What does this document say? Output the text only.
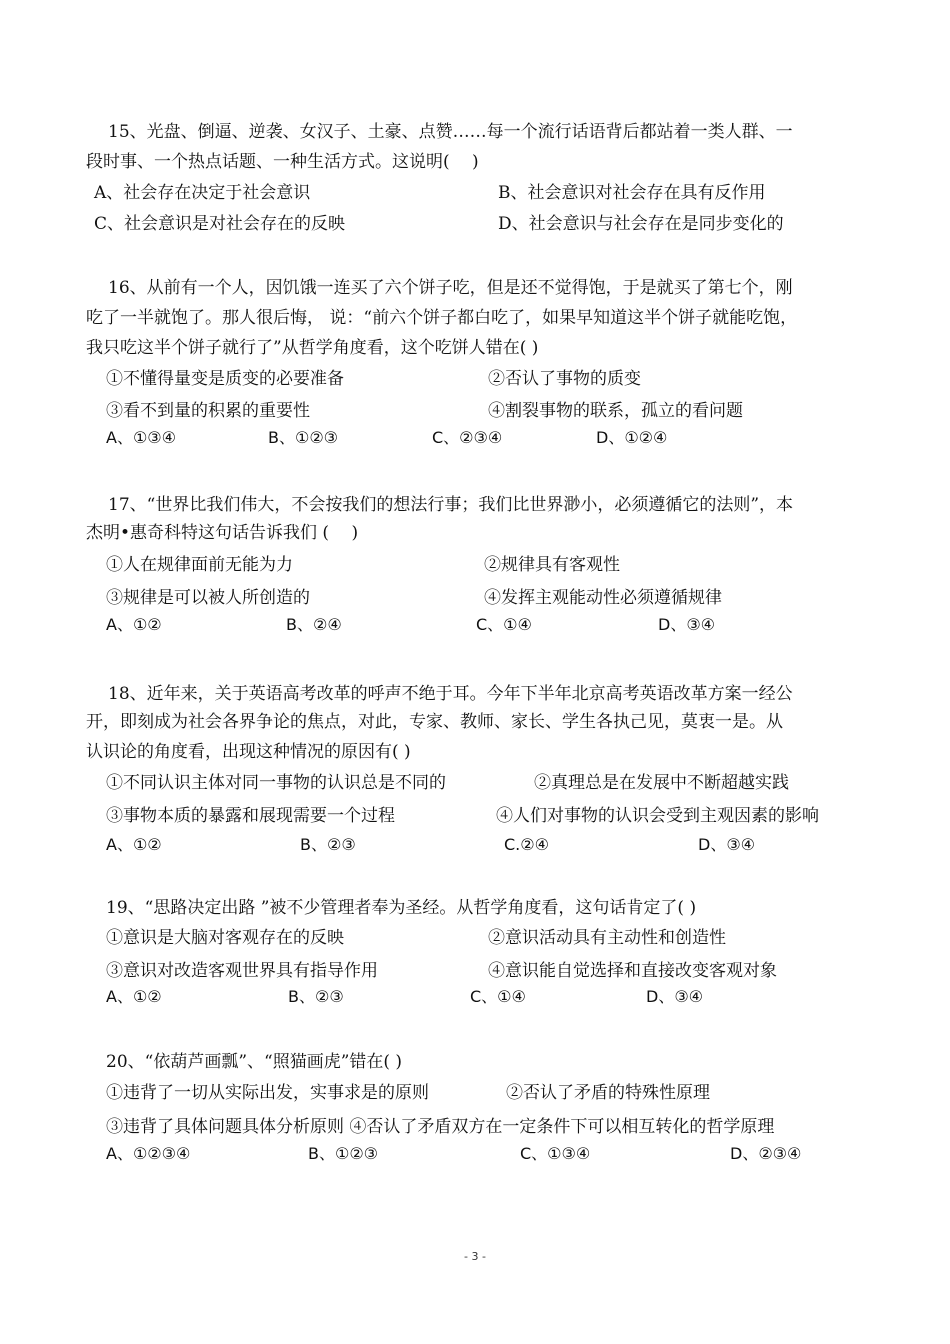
15、光盘、倒逼、逆袭、女汉子、土豪、点赞……每一个流行话语背后都站着一类人群、一
段时事、一个热点话题、一种生活方式。这说明(　 )
A、社会存在决定于社会意识	B、社会意识对社会存在具有反作用
C、社会意识是对社会存在的反映	D、社会意识与社会存在是同步变化的
16、从前有一个人，因饥饿一连买了六个饼子吃，但是还不觉得饱，于是就买了第七个，刚
吃了一半就饱了。那人很后悔， 说：“前六个饼子都白吃了，如果早知道这半个饼子就能吃饱，
我只吃这半个饼子就行了”从哲学角度看，这个吃饼人错在( )
①不懂得量变是质变的必要准备	②否认了事物的质变
③看不到量的积累的重要性	④割裂事物的联系，孤立的看问题
A、①③④	B、①②③	C、②③④	D、①②④
17、“世界比我们伟大，不会按我们的想法行事；我们比世界渺小，必须遵循它的法则”，本
杰明•惠奇科特这句话告诉我们 (　 )
①人在规律面前无能为力	②规律具有客观性
③规律是可以被人所创造的	④发挥主观能动性必须遵循规律
A、①②	B、②④	C、①④	D、③④
18、近年来，关于英语高考改革的呼声不绝于耳。今年下半年北京高考英语改革方案一经公
开，即刻成为社会各界争论的焦点，对此，专家、教师、家长、学生各执己见，莫衷一是。从
认识论的角度看，出现这种情况的原因有( )
①不同认识主体对同一事物的认识总是不同的	②真理总是在发展中不断超越实践
③事物本质的暴露和展现需要一个过程	④人们对事物的认识会受到主观因素的影响
A、①②	B、②③	C.②④	D、③④
19、“思路决定出路 ”被不少管理者奉为圣经。从哲学角度看，这句话肯定了( )
①意识是大脑对客观存在的反映	②意识活动具有主动性和创造性
③意识对改造客观世界具有指导作用	④意识能自觉选择和直接改变客观对象
A、①②	B、②③	C、①④	D、③④
20、“依葫芦画瓢”、“照猫画虎”错在( )
①违背了一切从实际出发，实事求是的原则	②否认了矛盾的特殊性原理
③违背了具体问题具体分析原则 ④否认了矛盾双方在一定条件下可以相互转化的哲学原理
A、①②③④	B、①②③	C、①③④	D、②③④
- 3 -
